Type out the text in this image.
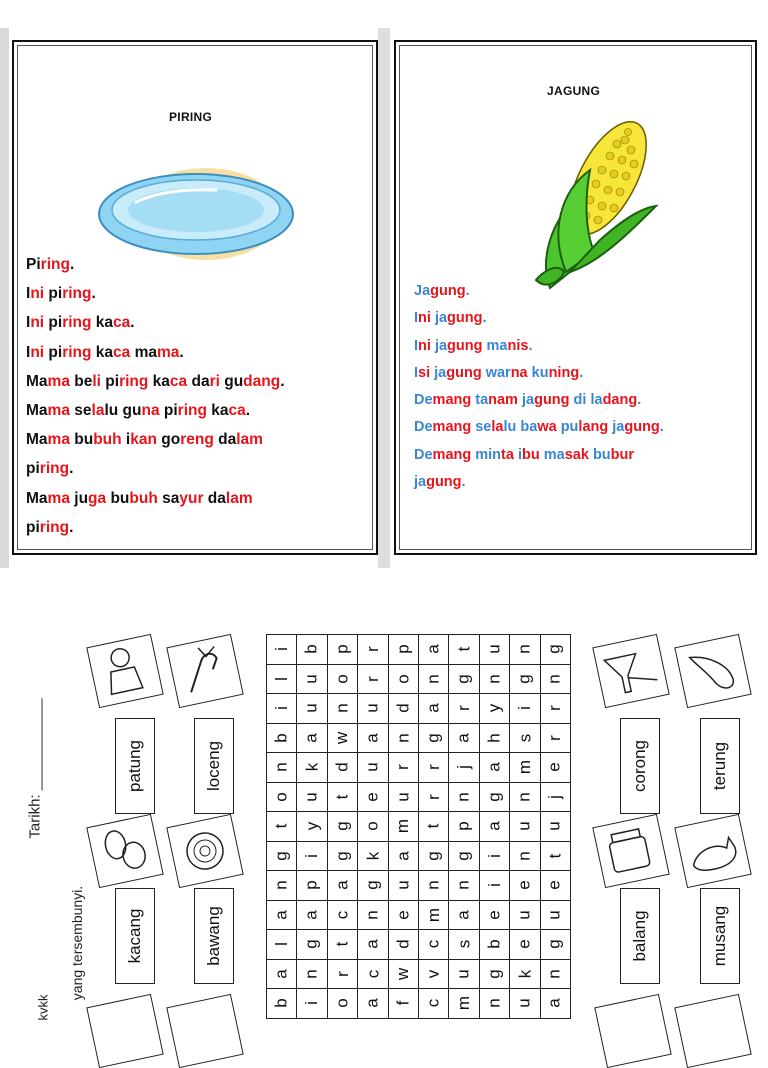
PIRING
Piring.
Ini piring.
Ini piring kaca.
Ini piring kaca mama.
Mama beli piring kaca dari gudang.
Mama selalu guna piring kaca.
Mama bubuh ikan goreng dalam
piring.
Mama juga bubuh sayur dalam
piring.
JAGUNG
Jagung.
Ini jagung.
Ini jagung manis.
Isi jagung warna kuning.
Demang tanam jagung di ladang.
Demang selalu bawa pulang jagung.
Demang minta ibu masak bubur
jagung.
Tarikh: ___________
yang tersembunyi.
kvkk
patung	loceng
kacang	bawang
i	b	p	r	p	a	t	u	n	g
l	u	o	r	o	n	g	n	g	n
i	u	n	u	d	a	r	y	i	r
b	a	w	a	n	g	a	h	s	r
n	k	d	u	r	r	j	a	m	e
o	u	t	e	u	r	n	g	n	j
t	y	g	o	m	t	p	a	u	u
g	i	g	k	a	g	g	i	n	t
n	p	a	g	u	n	n	i	e	e
a	a	c	n	e	m	a	e	u	u
l	g	t	a	d	c	s	b	e	g
a	n	r	c	w	v	u	g	k	n
b	i	o	a	f	c	m	n	u	a
corong	terung
balang	musang
